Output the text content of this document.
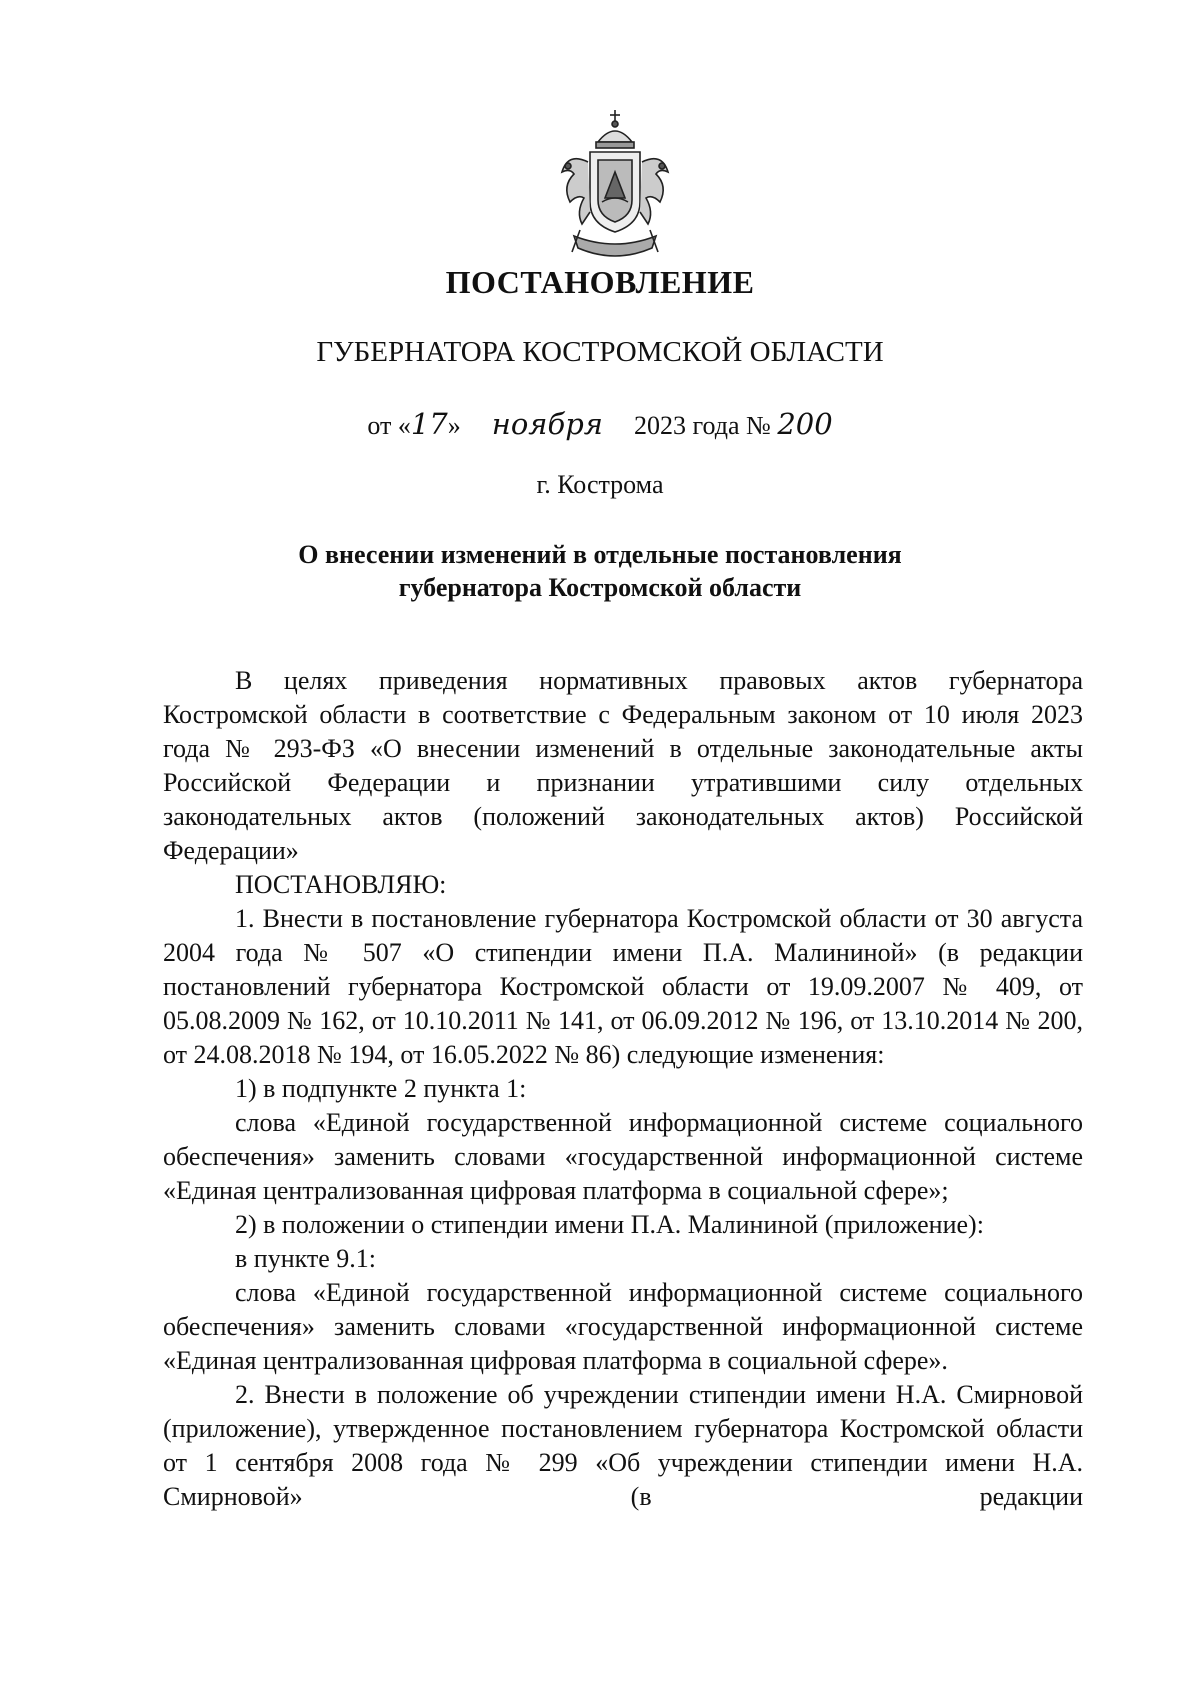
ПОСТАНОВЛЕНИЕ
ГУБЕРНАТОРА КОСТРОМСКОЙ ОБЛАСТИ
от «17» ноября 2023 года № 200
г. Кострома
О внесении изменений в отдельные постановления
губернатора Костромской области

В целях приведения нормативных правовых актов губернатора Костромской области в соответствие с Федеральным законом от 10 июля 2023 года № 293-ФЗ «О внесении изменений в отдельные законодательные акты Российской Федерации и признании утратившими силу отдельных законодательных актов (положений законодательных актов) Российской Федерации»

ПОСТАНОВЛЯЮ:

1. Внести в постановление губернатора Костромской области от 30 августа 2004 года № 507 «О стипендии имени П.А. Малининой» (в редакции постановлений губернатора Костромской области от 19.09.2007 № 409, от 05.08.2009 № 162, от 10.10.2011 № 141, от 06.09.2012 № 196, от 13.10.2014 № 200, от 24.08.2018 № 194, от 16.05.2022 № 86) следующие изменения:

1) в подпункте 2 пункта 1:

слова «Единой государственной информационной системе социального обеспечения» заменить словами «государственной информационной системе «Единая централизованная цифровая платформа в социальной сфере»;

2) в положении о стипендии имени П.А. Малининой (приложение):

в пункте 9.1:

слова «Единой государственной информационной системе социального обеспечения» заменить словами «государственной информационной системе «Единая централизованная цифровая платформа в социальной сфере».

2. Внести в положение об учреждении стипендии имени Н.А. Смирновой (приложение), утвержденное постановлением губернатора Костромской области от 1 сентября 2008 года № 299 «Об учреждении стипендии имени Н.А. Смирновой» (в редакции
